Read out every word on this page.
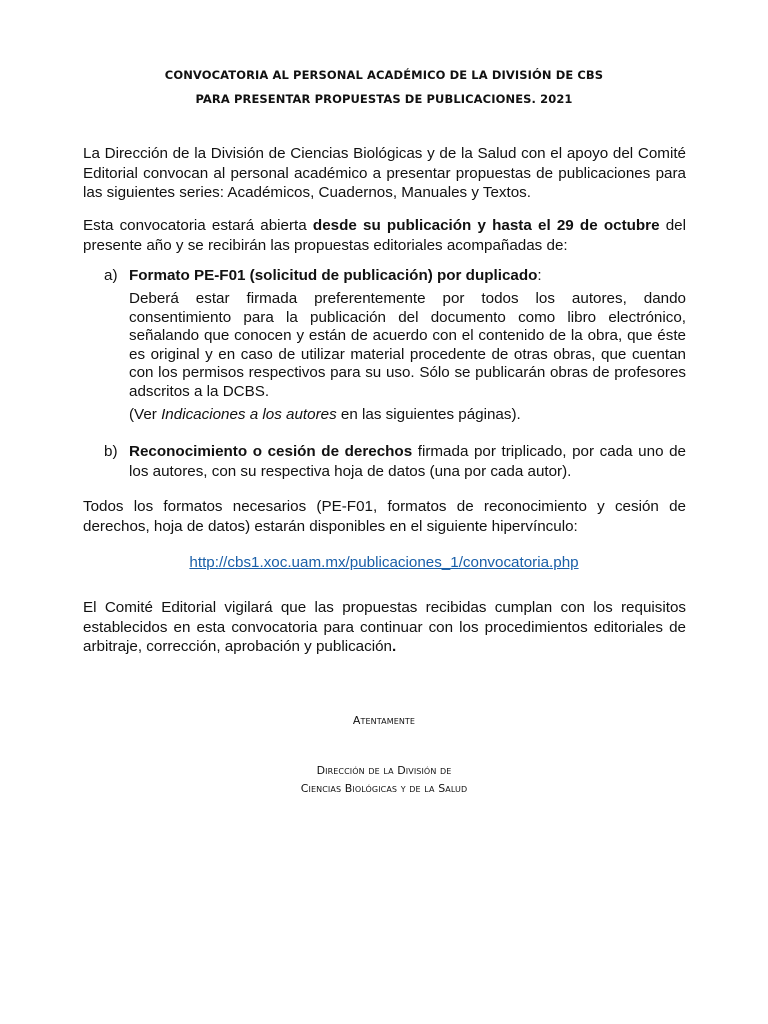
CONVOCATORIA AL PERSONAL ACADÉMICO DE LA DIVISIÓN DE CBS
PARA PRESENTAR PROPUESTAS DE PUBLICACIONES. 2021
La Dirección de la División de Ciencias Biológicas y de la Salud con el apoyo del Comité Editorial convocan al personal académico a presentar propuestas de publicaciones para las siguientes series: Académicos, Cuadernos, Manuales y Textos.
Esta convocatoria estará abierta desde su publicación y hasta el 29 de octubre del presente año y se recibirán las propuestas editoriales acompañadas de:
a) Formato PE-F01 (solicitud de publicación) por duplicado:
Deberá estar firmada preferentemente por todos los autores, dando consentimiento para la publicación del documento como libro electrónico, señalando que conocen y están de acuerdo con el contenido de la obra, que éste es original y en caso de utilizar material procedente de otras obras, que cuentan con los permisos respectivos para su uso. Sólo se publicarán obras de profesores adscritos a la DCBS.
(Ver Indicaciones a los autores en las siguientes páginas).
b) Reconocimiento o cesión de derechos firmada por triplicado, por cada uno de los autores, con su respectiva hoja de datos (una por cada autor).
Todos los formatos necesarios (PE-F01, formatos de reconocimiento y cesión de derechos, hoja de datos) estarán disponibles en el siguiente hipervínculo:
http://cbs1.xoc.uam.mx/publicaciones_1/convocatoria.php
El Comité Editorial vigilará que las propuestas recibidas cumplan con los requisitos establecidos en esta convocatoria para continuar con los procedimientos editoriales de arbitraje, corrección, aprobación y publicación.
Atentamente
Dirección de la División de
Ciencias Biológicas y de la Salud
